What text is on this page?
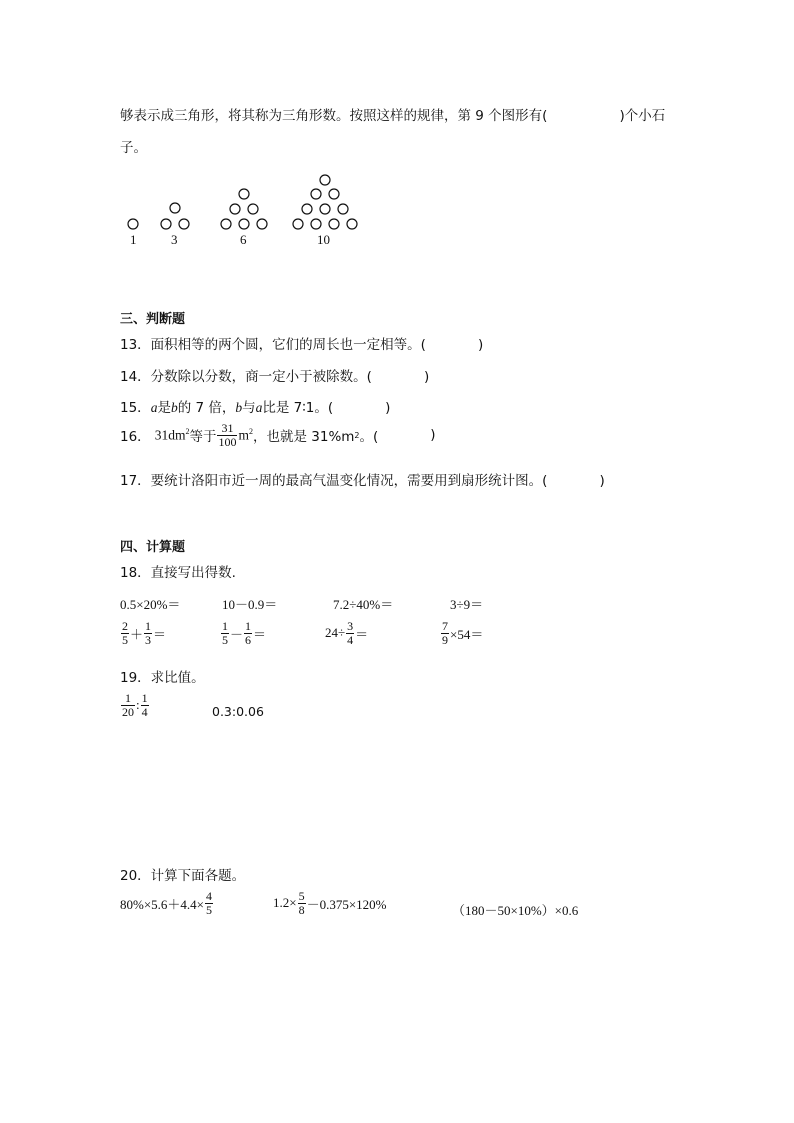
够表示成三角形，将其称为三角形数。按照这样的规律，第 9 个图形有(	)个小石
子。
1	3	6	10
三、判断题
13．面积相等的两个圆，它们的周长也一定相等。(	)
14．分数除以分数，商一定小于被除数。(	)
15．a是b的 7 倍，b与a比是 7∶1。(	)
16． $31dm^2$ 等于 $\frac{31}{100} m^2$ ，也就是 31%m 2 。(	)
17．要统计洛阳市近一周的最高气温变化情况，需要用到扇形统计图。(	)
四、计算题
18．直接写出得数.
0.5×20%＝	10－0.9＝	7.2÷40%＝	3÷9＝
$\frac{2}{5} + \frac{1}{3}$ ＝	$\frac{1}{5} - \frac{1}{6}$ ＝	$24\div \frac{3}{4}$ ＝	$\frac{7}{9} \times 54=$
19．求比值。
$\frac{1}{20}$ : $\frac{1}{4}$	0.3:0.06
20．计算下面各题。
$80\%\times 5.6+4.4\times \frac{4}{5}$	$1.2\times \frac{5}{8} -0.375\times 120\%$	（180－50×10%）×0.6
